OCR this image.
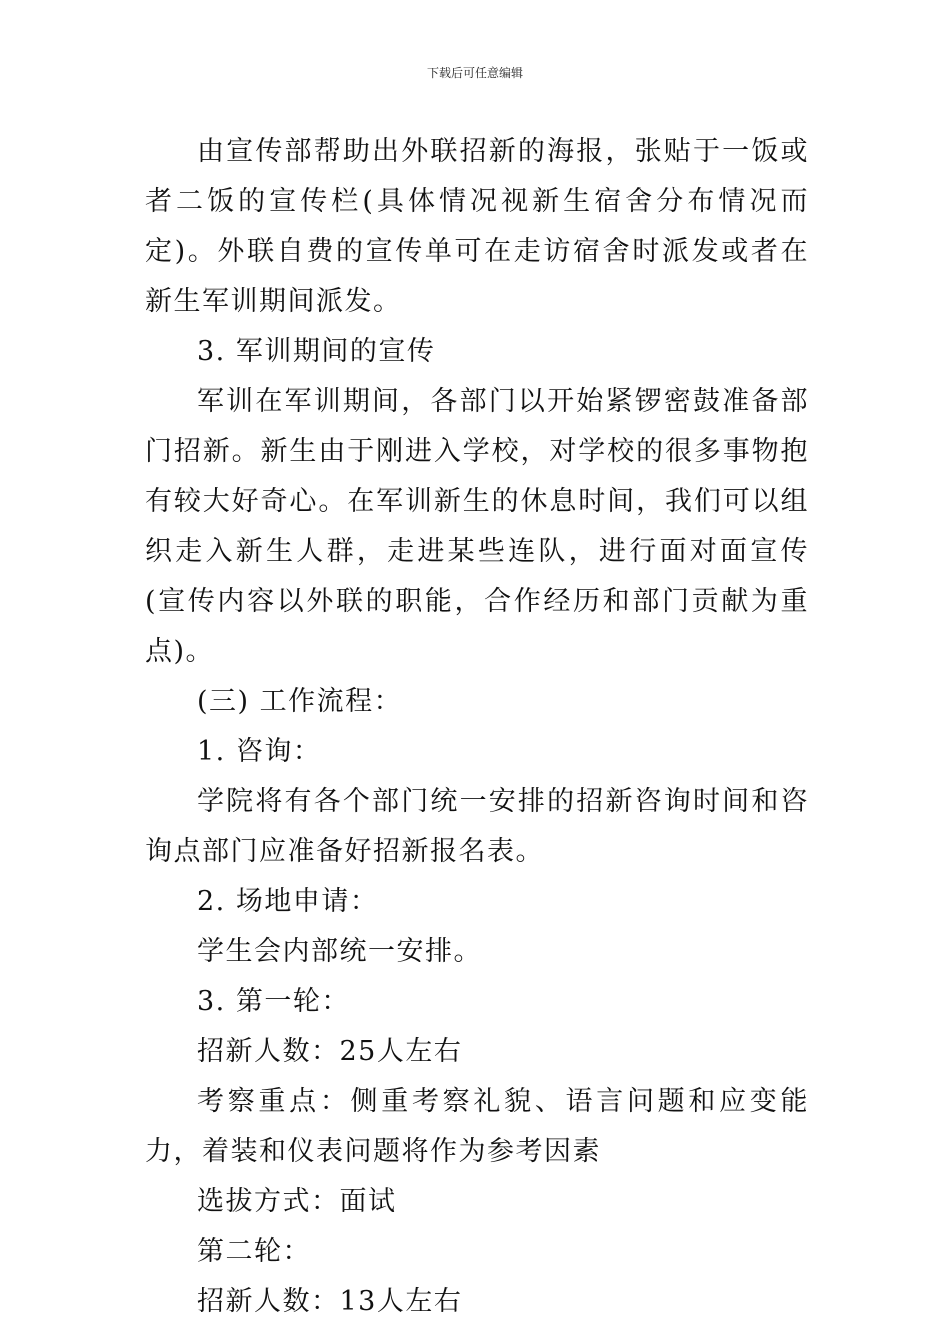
下载后可任意编辑

由宣传部帮助出外联招新的海报，张贴于一饭或者二饭的宣传栏(具体情况视新生宿舍分布情况而定)。外联自费的宣传单可在走访宿舍时派发或者在新生军训期间派发。

3. 军训期间的宣传

军训在军训期间，各部门以开始紧锣密鼓准备部门招新。新生由于刚进入学校，对学校的很多事物抱有较大好奇心。在军训新生的休息时间，我们可以组织走入新生人群，走进某些连队，进行面对面宣传(宣传内容以外联的职能，合作经历和部门贡献为重点)。

(三) 工作流程：

1. 咨询：

学院将有各个部门统一安排的招新咨询时间和咨询点部门应准备好招新报名表。

2. 场地申请：

学生会内部统一安排。

3. 第一轮：

招新人数：25人左右

考察重点：侧重考察礼貌、语言问题和应变能力，着装和仪表问题将作为参考因素

选拔方式：面试

第二轮：

招新人数：13人左右
